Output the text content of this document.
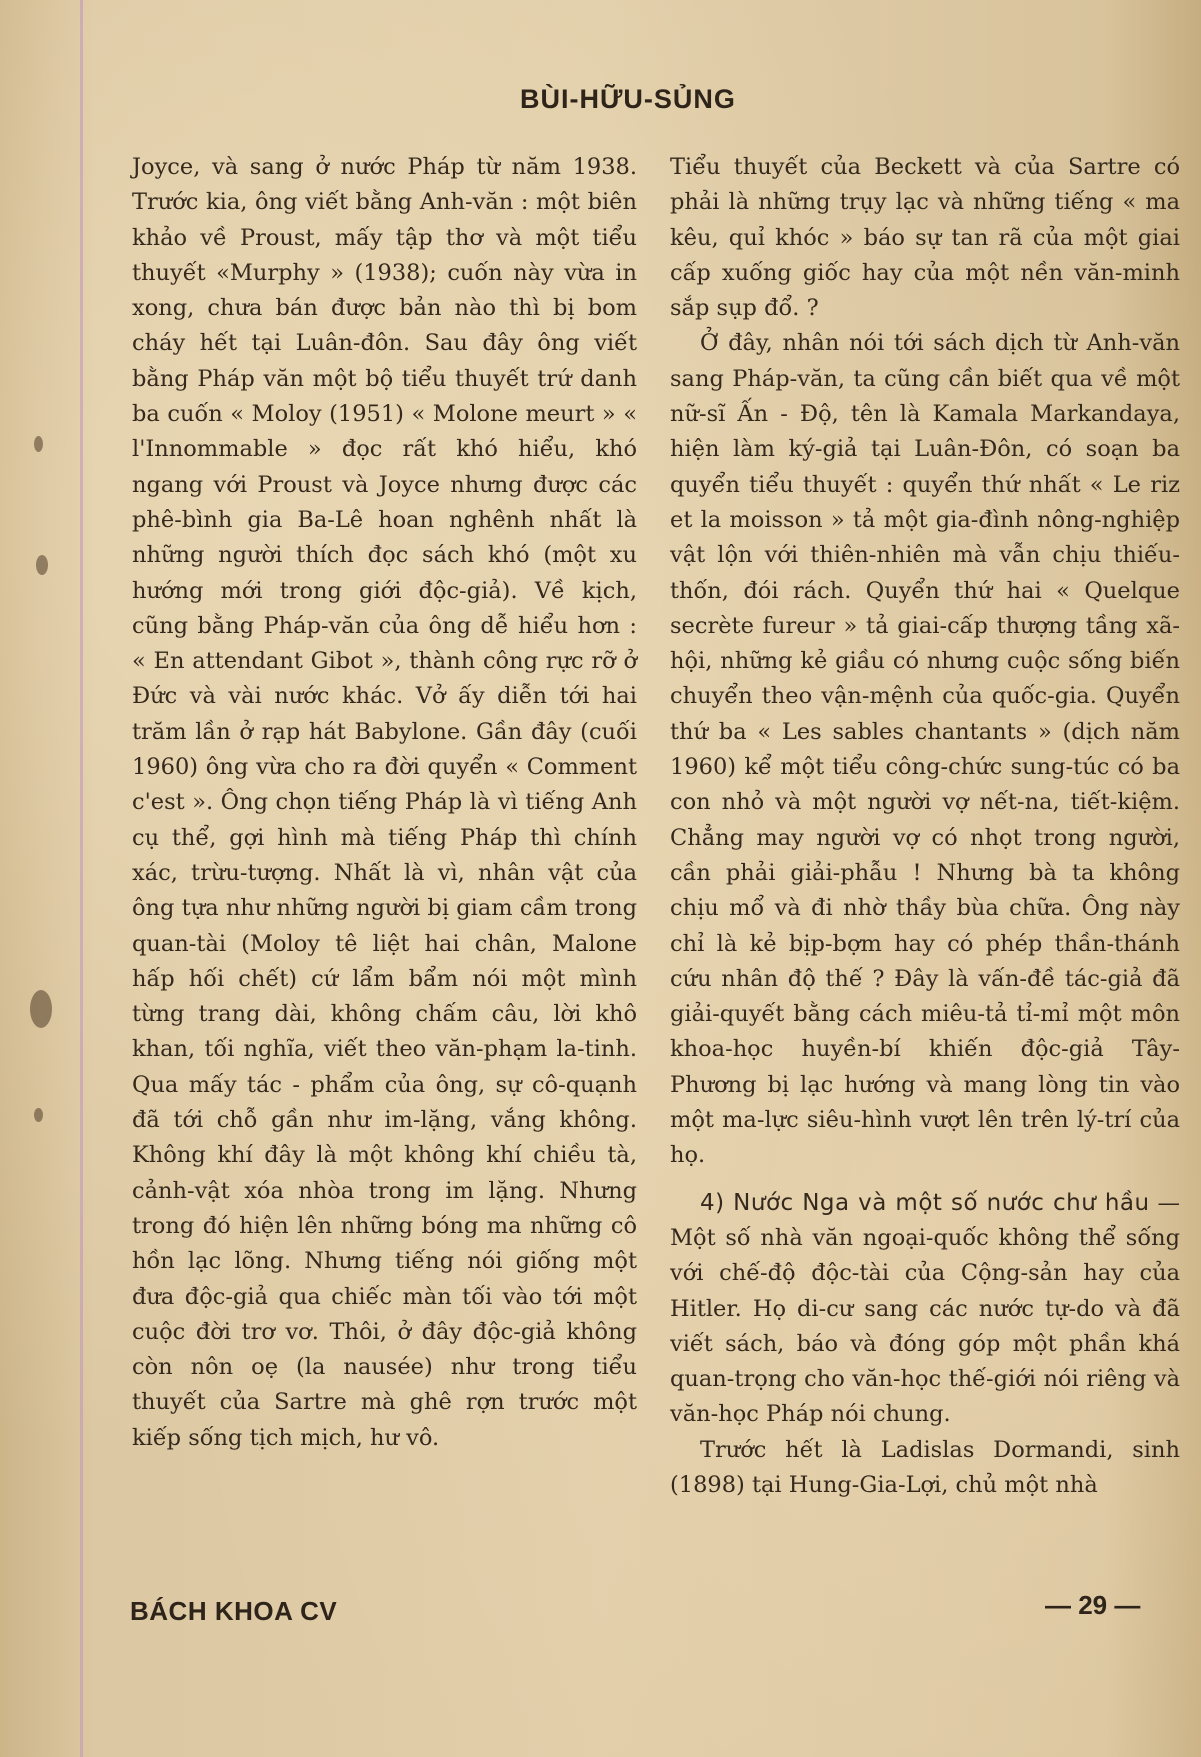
BÙI-HỮU-SỦNG

Joyce, và sang ở nước Pháp từ năm 1938. Trước kia, ông viết bằng Anh-văn : một biên khảo về Proust, mấy tập thơ và một tiểu thuyết «Murphy » (1938); cuốn này vừa in xong, chưa bán được bản nào thì bị bom cháy hết tại Luân-đôn. Sau đây ông viết bằng Pháp văn một bộ tiểu thuyết trứ danh ba cuốn « Moloy (1951) « Molone meurt » « l'Innommable » đọc rất khó hiểu, khó ngang với Proust và Joyce nhưng được các phê-bình gia Ba-Lê hoan nghênh nhất là những người thích đọc sách khó (một xu hướng mới trong giới độc-giả). Về kịch, cũng bằng Pháp-văn của ông dễ hiểu hơn : « En attendant Gibot », thành công rực rỡ ở Đức và vài nước khác. Vở ấy diễn tới hai trăm lần ở rạp hát Babylone. Gần đây (cuối 1960) ông vừa cho ra đời quyển « Comment c'est ». Ông chọn tiếng Pháp là vì tiếng Anh cụ thể, gợi hình mà tiếng Pháp thì chính xác, trừu-tượng. Nhất là vì, nhân vật của ông tựa như những người bị giam cầm trong quan-tài (Moloy tê liệt hai chân, Malone hấp hối chết) cứ lẩm bẩm nói một mình từng trang dài, không chấm câu, lời khô khan, tối nghĩa, viết theo văn-phạm la-tinh. Qua mấy tác - phẩm của ông, sự cô-quạnh đã tới chỗ gần như im-lặng, vắng không. Không khí đây là một không khí chiều tà, cảnh-vật xóa nhòa trong im lặng. Nhưng trong đó hiện lên những bóng ma những cô hồn lạc lõng. Nhưng tiếng nói giống một đưa độc-giả qua chiếc màn tối vào tới một cuộc đời trơ vơ. Thôi, ở đây độc-giả không còn nôn oẹ (la nausée) như trong tiểu thuyết của Sartre mà ghê rợn trước một kiếp sống tịch mịch, hư vô.

Tiểu thuyết của Beckett và của Sartre có phải là những trụy lạc và những tiếng « ma kêu, quỉ khóc » báo sự tan rã của một giai cấp xuống giốc hay của một nền văn-minh sắp sụp đổ. ?

Ở đây, nhân nói tới sách dịch từ Anh-văn sang Pháp-văn, ta cũng cần biết qua về một nữ-sĩ Ấn - Độ, tên là Kamala Markandaya, hiện làm ký-giả tại Luân-Đôn, có soạn ba quyển tiểu thuyết : quyển thứ nhất « Le riz et la moisson » tả một gia-đình nông-nghiệp vật lộn với thiên-nhiên mà vẫn chịu thiếu-thốn, đói rách. Quyển thứ hai « Quelque secrète fureur » tả giai-cấp thượng tầng xã-hội, những kẻ giầu có nhưng cuộc sống biến chuyển theo vận-mệnh của quốc-gia. Quyển thứ ba « Les sables chantants » (dịch năm 1960) kể một tiểu công-chức sung-túc có ba con nhỏ và một người vợ nết-na, tiết-kiệm. Chẳng may người vợ có nhọt trong người, cần phải giải-phẫu ! Nhưng bà ta không chịu mổ và đi nhờ thầy bùa chữa. Ông này chỉ là kẻ bịp-bợm hay có phép thần-thánh cứu nhân độ thế ? Đây là vấn-đề tác-giả đã giải-quyết bằng cách miêu-tả tỉ-mỉ một môn khoa-học huyền-bí khiến độc-giả Tây-Phương bị lạc hướng và mang lòng tin vào một ma-lực siêu-hình vượt lên trên lý-trí của họ.

4) Nước Nga và một số nước chư hầu — Một số nhà văn ngoại-quốc không thể sống với chế-độ độc-tài của Cộng-sản hay của Hitler. Họ di-cư sang các nước tự-do và đã viết sách, báo và đóng góp một phần khá quan-trọng cho văn-học thế-giới nói riêng và văn-học Pháp nói chung.

Trước hết là Ladislas Dormandi, sinh (1898) tại Hung-Gia-Lợi, chủ một nhà

BÁCH KHOA CV	— 29 —
